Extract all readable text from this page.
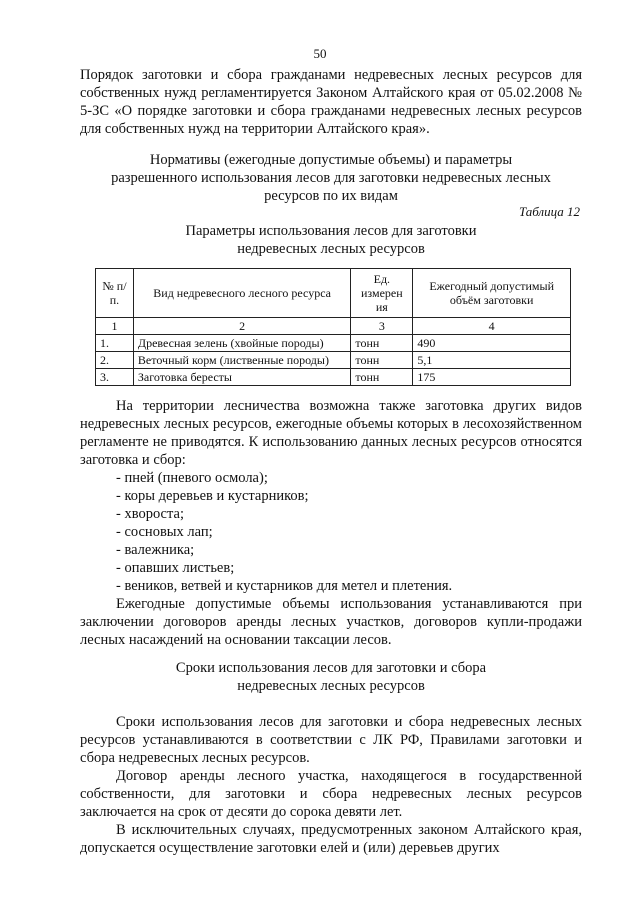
50
Порядок заготовки и сбора гражданами недревесных лесных ресурсов для собственных нужд регламентируется Законом Алтайского края от 05.02.2008 № 5-ЗС «О порядке заготовки и сбора гражданами недревесных лесных ресурсов для собственных нужд на территории Алтайского края».
Нормативы (ежегодные допустимые объемы) и параметры
разрешенного использования лесов для заготовки недревесных лесных
ресурсов по их видам
Таблица 12
Параметры использования лесов для заготовки
недревесных лесных ресурсов
№ п/п.	Вид недревесного лесного ресурса	Ед. измерен ия	Ежегодный допустимый объём заготовки
1	2	3	4
1.	Древесная зелень (хвойные породы)	тонн	490
2.	Веточный корм (лиственные породы)	тонн	5,1
3.	Заготовка бересты	тонн	175
На территории лесничества возможна также заготовка других видов недревесных лесных ресурсов, ежегодные объемы которых в лесохозяйственном регламенте не приводятся. К использованию данных лесных ресурсов относятся заготовка и сбор:
- пней (пневого осмола);
- коры деревьев и кустарников;
- хвороста;
- сосновых лап;
- валежника;
- опавших листьев;
- веников, ветвей и кустарников для метел и плетения.
Ежегодные допустимые объемы использования устанавливаются при заключении договоров аренды лесных участков, договоров купли-продажи лесных насаждений на основании таксации лесов.
Сроки использования лесов для заготовки и сбора
недревесных лесных ресурсов
Сроки использования лесов для заготовки и сбора недревесных лесных ресурсов устанавливаются в соответствии с ЛК РФ, Правилами заготовки и сбора недревесных лесных ресурсов.
Договор аренды лесного участка, находящегося в государственной собственности, для заготовки и сбора недревесных лесных ресурсов заключается на срок от десяти до сорока девяти лет.
В исключительных случаях, предусмотренных законом Алтайского края, допускается осуществление заготовки елей и (или) деревьев других
